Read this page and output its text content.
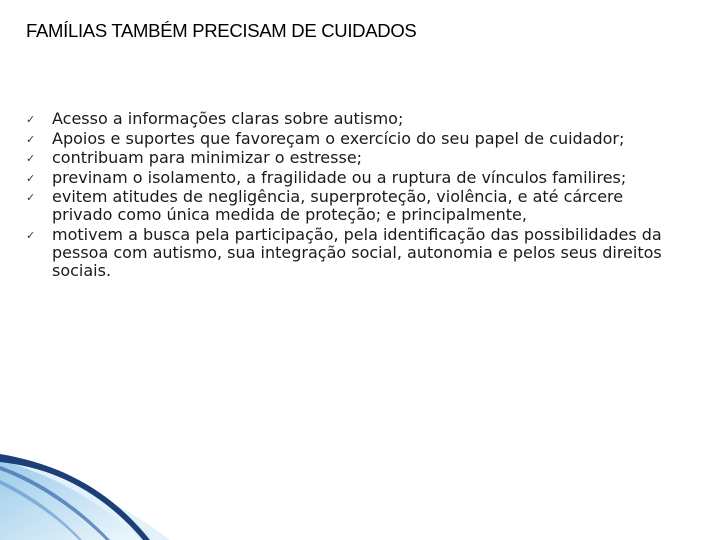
FAMÍLIAS TAMBÉM PRECISAM DE CUIDADOS
✓ Acesso a informações claras sobre autismo;
✓ Apoios e suportes que favoreçam o exercício do seu papel de cuidador;
✓ contribuam para minimizar o estresse;
✓ previnam o isolamento, a fragilidade ou a ruptura de vínculos familires;
✓ evitem atitudes de negligência, superproteção, violência, e até cárcere privado como única medida de proteção; e principalmente,
✓ motivem a busca pela participação, pela identificação das possibilidades da pessoa com autismo, sua integração social, autonomia e pelos seus direitos sociais.
